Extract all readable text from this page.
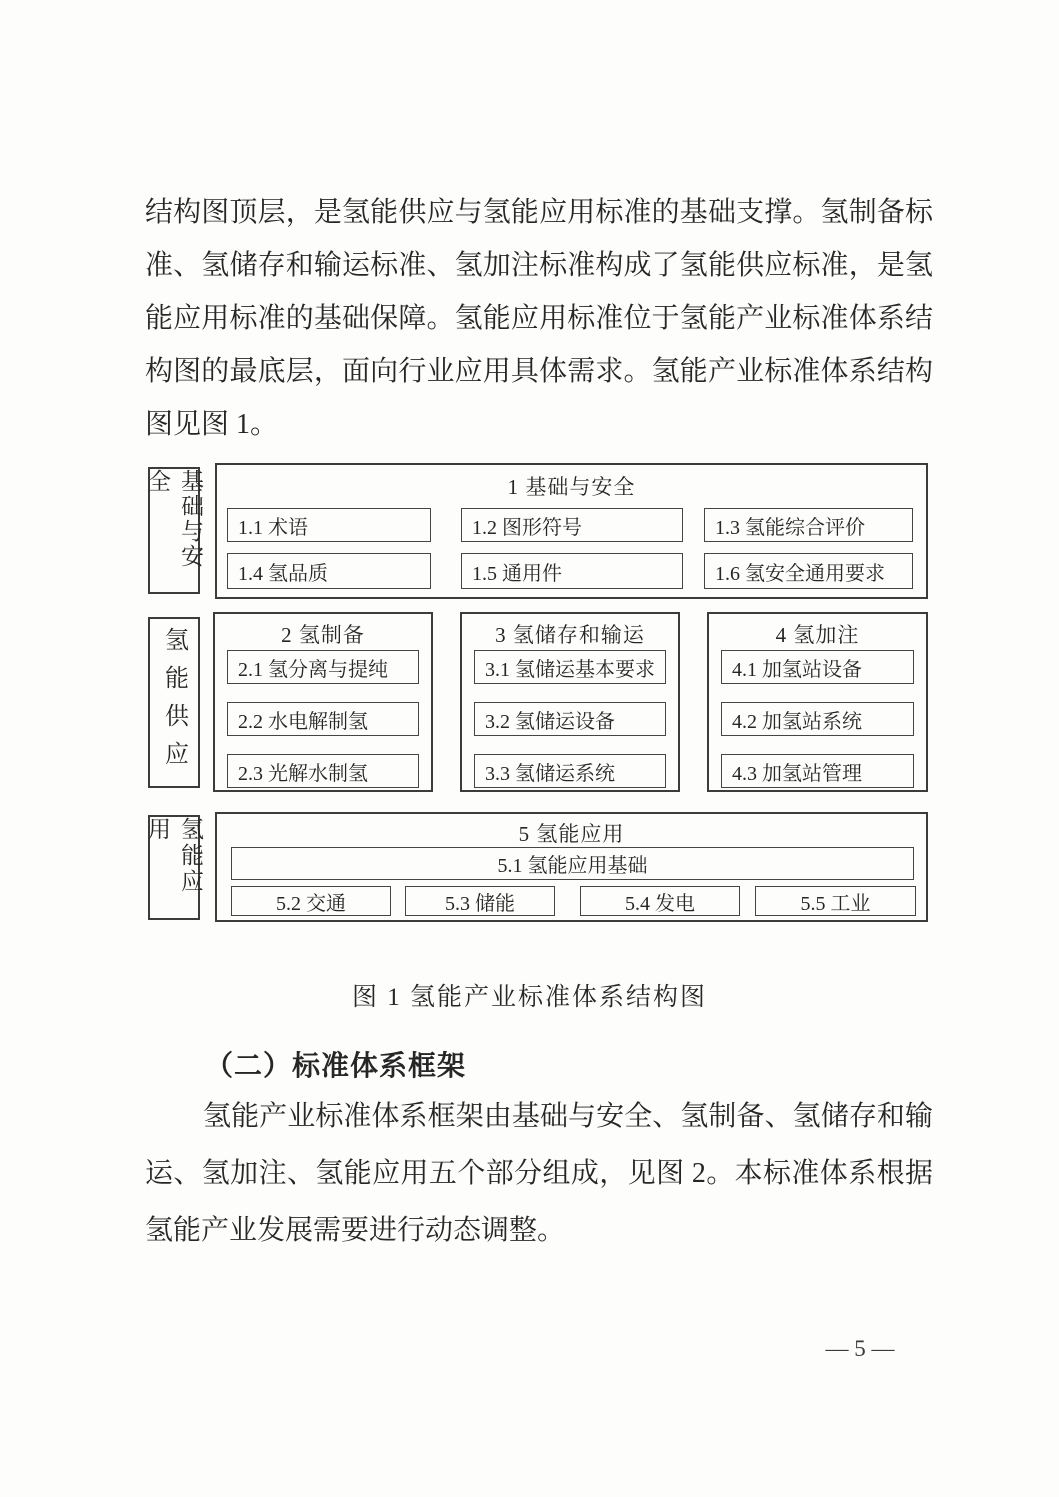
结构图顶层，是氢能供应与氢能应用标准的基础支撑。氢制备标
准、氢储存和输运标准、氢加注标准构成了氢能供应标准，是氢
能应用标准的基础保障。氢能应用标准位于氢能产业标准体系结
构图的最底层，面向行业应用具体需求。氢能产业标准体系结构
图见图 1。
基础与安全	1 基础与安全
1.1 术语	1.2 图形符号	1.3 氢能综合评价
1.4 氢品质	1.5 通用件	1.6 氢安全通用要求
氢能供应	2 氢制备
2.1 氢分离与提纯
2.2 水电解制氢
2.3 光解水制氢
3 氢储存和输运
3.1 氢储运基本要求
3.2 氢储运设备
3.3 氢储运系统
4 氢加注
4.1 加氢站设备
4.2 加氢站系统
4.3 加氢站管理
氢能应用	5 氢能应用
5.1 氢能应用基础
5.2 交通	5.3 储能	5.4 发电	5.5 工业
图 1 氢能产业标准体系结构图
（二）标准体系框架
氢能产业标准体系框架由基础与安全、氢制备、氢储存和输
运、氢加注、氢能应用五个部分组成，见图 2。本标准体系根据
氢能产业发展需要进行动态调整。
— 5 —
